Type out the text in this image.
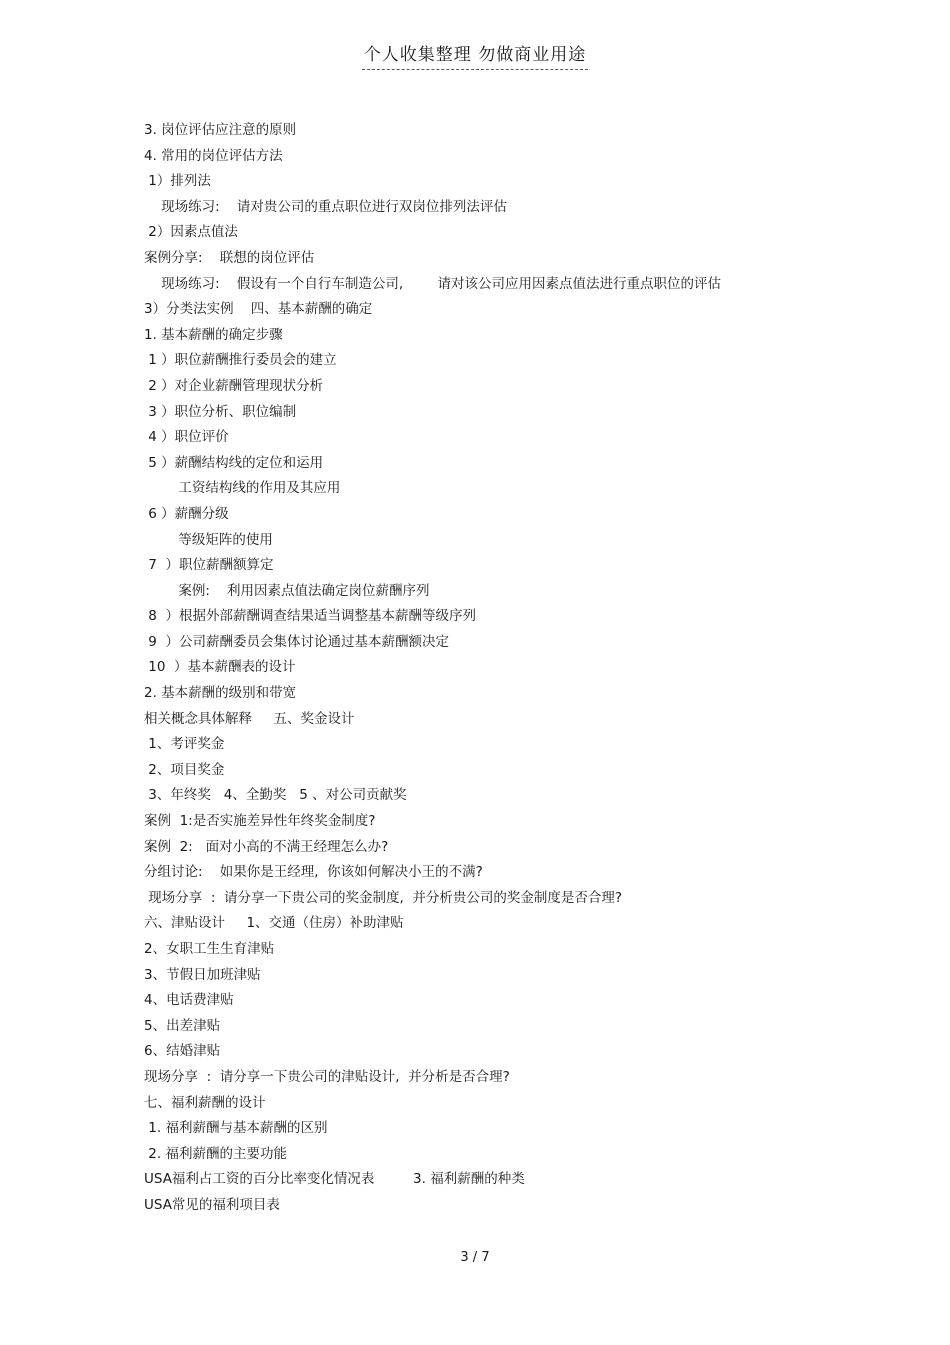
个人收集整理 勿做商业用途
3. 岗位评估应注意的原则
4. 常用的岗位评估方法
1）排列法
现场练习:    请对贵公司的重点职位进行双岗位排列法评估
2）因素点值法
案例分享:    联想的岗位评估
现场练习:    假设有一个自行车制造公司,        请对该公司应用因素点值法进行重点职位的评估
3）分类法实例    四、基本薪酬的确定
1. 基本薪酬的确定步骤
1 ）职位薪酬推行委员会的建立
2 ）对企业薪酬管理现状分析
3 ）职位分析、职位编制
4 ）职位评价
5 ）薪酬结构线的定位和运用
工资结构线的作用及其应用
6 ）薪酬分级
等级矩阵的使用
7  ）职位薪酬额算定
案例:    利用因素点值法确定岗位薪酬序列
8  ）根据外部薪酬调查结果适当调整基本薪酬等级序列
9  ）公司薪酬委员会集体讨论通过基本薪酬额决定
10  ）基本薪酬表的设计
2. 基本薪酬的级别和带宽
相关概念具体解释     五、奖金设计
1、考评奖金
2、项目奖金
3、年终奖   4、全勤奖   5 、对公司贡献奖
案例  1:是否实施差异性年终奖金制度?
案例  2:   面对小高的不满王经理怎么办?
分组讨论:    如果你是王经理,  你该如何解决小王的不满?
现场分享  :  请分享一下贵公司的奖金制度,  并分析贵公司的奖金制度是否合理?
六、津贴设计     1、交通（住房）补助津贴
2、女职工生生育津贴
3、节假日加班津贴
4、电话费津贴
5、出差津贴
6、结婚津贴
现场分享  :  请分享一下贵公司的津贴设计,  并分析是否合理?
七、福利薪酬的设计
1. 福利薪酬与基本薪酬的区别
2. 福利薪酬的主要功能
USA福利占工资的百分比率变化情况表         3. 福利薪酬的种类
USA常见的福利项目表
3 / 7
